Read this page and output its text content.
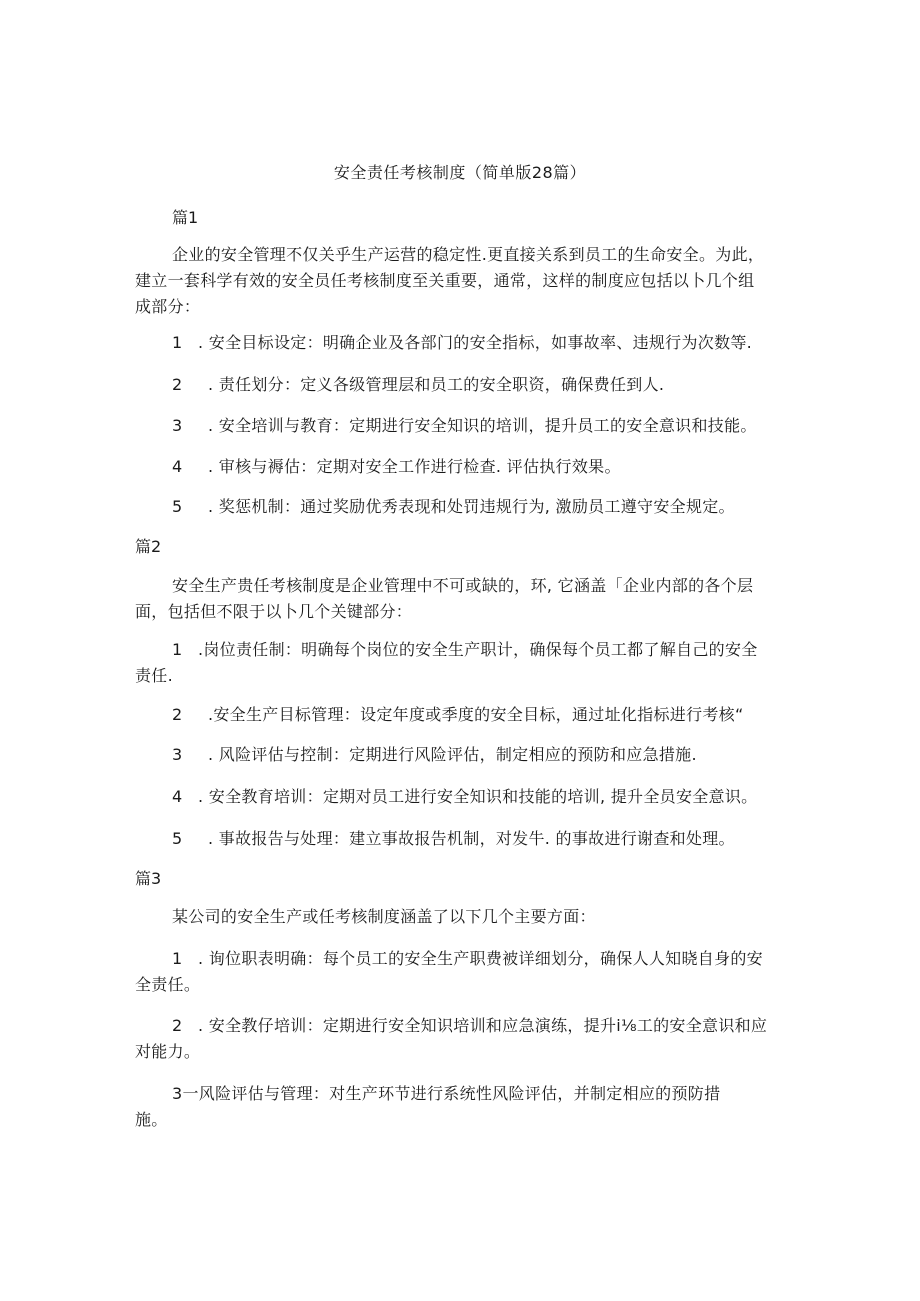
安全责任考核制度（简单版28篇）
篇1
企业的安全管理不仅关乎生产运营的稳定性.更直接关系到员工的生命安全。为此，
建立一套科学有效的安全员任考核制度至关重要，通常，这样的制度应包括以卜几个组
成部分：
1 . 安全目标设定：明确企业及各部门的安全指标，如事故率、违规行为次数等.
2 . 责任划分：定义各级管理层和员工的安全职资，确保费任到人.
3 . 安全培训与教育：定期进行安全知识的培训，提升员工的安全意识和技能。
4 . 审核与褥估：定期对安全工作进行检查. 评估执行效果。
5 . 奖惩机制：通过奖励优秀表现和处罚违规行为, 激励员工遵守安全规定。
篇2
安全生产贵任考核制度是企业管理中不可或缺的，环, 它涵盖「企业内部的各个层
面，包括但不限于以卜几个关键部分：
1 .岗位责任制：明确每个岗位的安全生产职计，确保每个员工都了解自己的安全
责任.
2 .安全生产目标管理：设定年度或季度的安全目标，通过址化指标进行考核“
3 . 风险评估与控制：定期进行风险评估，制定相应的预防和应急措施.
4 . 安全教育培训：定期对员工进行安全知识和技能的培训, 提升全员安全意识。
5 . 事故报告与处理：建立事故报告机制，对发牛. 的事故进行谢查和处理。
篇3
某公司的安全生产或任考核制度涵盖了以下几个主要方面：
1 . 询位职表明确：每个员工的安全生产职费被详细划分，确保人人知晓自身的安
全责任。
2 . 安全教仔培训：定期进行安全知识培训和应急演练，提升i⅛工的安全意识和应
对能力。
3一风险评估与管理：对生产环节进行系统性风险评估，并制定相应的预防措
施。
